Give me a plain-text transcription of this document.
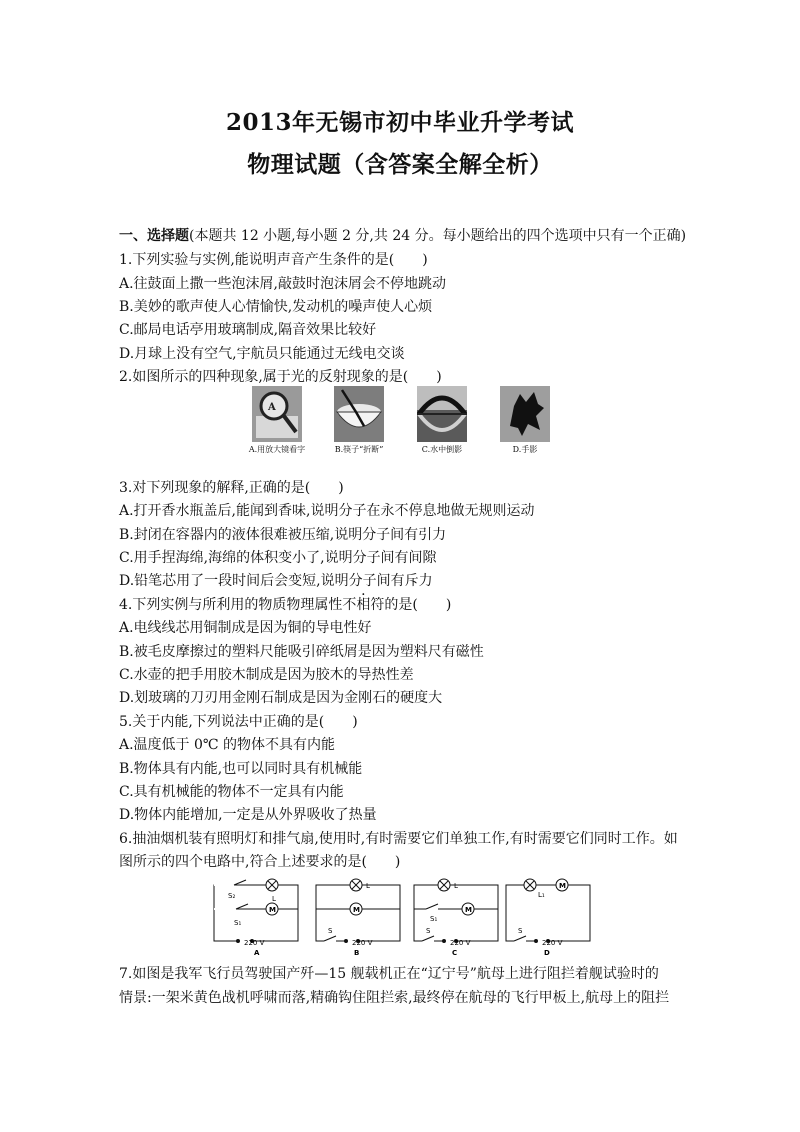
2013年无锡市初中毕业升学考试
物理试题（含答案全解全析）
一、选择题(本题共 12 小题,每小题 2 分,共 24 分。每小题给出的四个选项中只有一个正确)
1.下列实验与实例,能说明声音产生条件的是(　　)
A.往鼓面上撒一些泡沫屑,敲鼓时泡沫屑会不停地跳动
B.美妙的歌声使人心情愉快,发动机的噪声使人心烦
C.邮局电话亭用玻璃制成,隔音效果比较好
D.月球上没有空气,宇航员只能通过无线电交谈
2.如图所示的四种现象,属于光的反射现象的是(　　)
A
A.用放大镜看字	B.筷子“折断”	C.水中倒影	D.手影
3.对下列现象的解释,正确的是(　　)
A.打开香水瓶盖后,能闻到香味,说明分子在永不停息地做无规则运动
B.封闭在容器内的液体很难被压缩,说明分子间有引力
C.用手捏海绵,海绵的体积变小了,说明分子间有间隙
D.铅笔芯用了一段时间后会变短,说明分子间有斥力
4.下列实例与所利用的物质物理属性不相符的是(　　)
A.电线线芯用铜制成是因为铜的导电性好
B.被毛皮摩擦过的塑料尺能吸引碎纸屑是因为塑料尺有磁性
C.水壶的把手用胶木制成是因为胶木的导热性差
D.划玻璃的刀刃用金刚石制成是因为金刚石的硬度大
5.关于内能,下列说法中正确的是(　　)
A.温度低于 0℃ 的物体不具有内能
B.物体具有内能,也可以同时具有机械能
C.具有机械能的物体不一定具有内能
D.物体内能增加,一定是从外界吸收了热量
6.抽油烟机装有照明灯和排气扇,使用时,有时需要它们单独工作,有时需要它们同时工作。如
图所示的四个电路中,符合上述要求的是(　　)
M
S₂
S₁
L
220 V
A
M
L
S
220 V
B
M
L
S₁
S
220 V
C
M
L₁
S
220 V
D
7.如图是我军飞行员驾驶国产歼—15 舰载机正在“辽宁号”航母上进行阻拦着舰试验时的
情景:一架米黄色战机呼啸而落,精确钩住阻拦索,最终停在航母的飞行甲板上,航母上的阻拦
